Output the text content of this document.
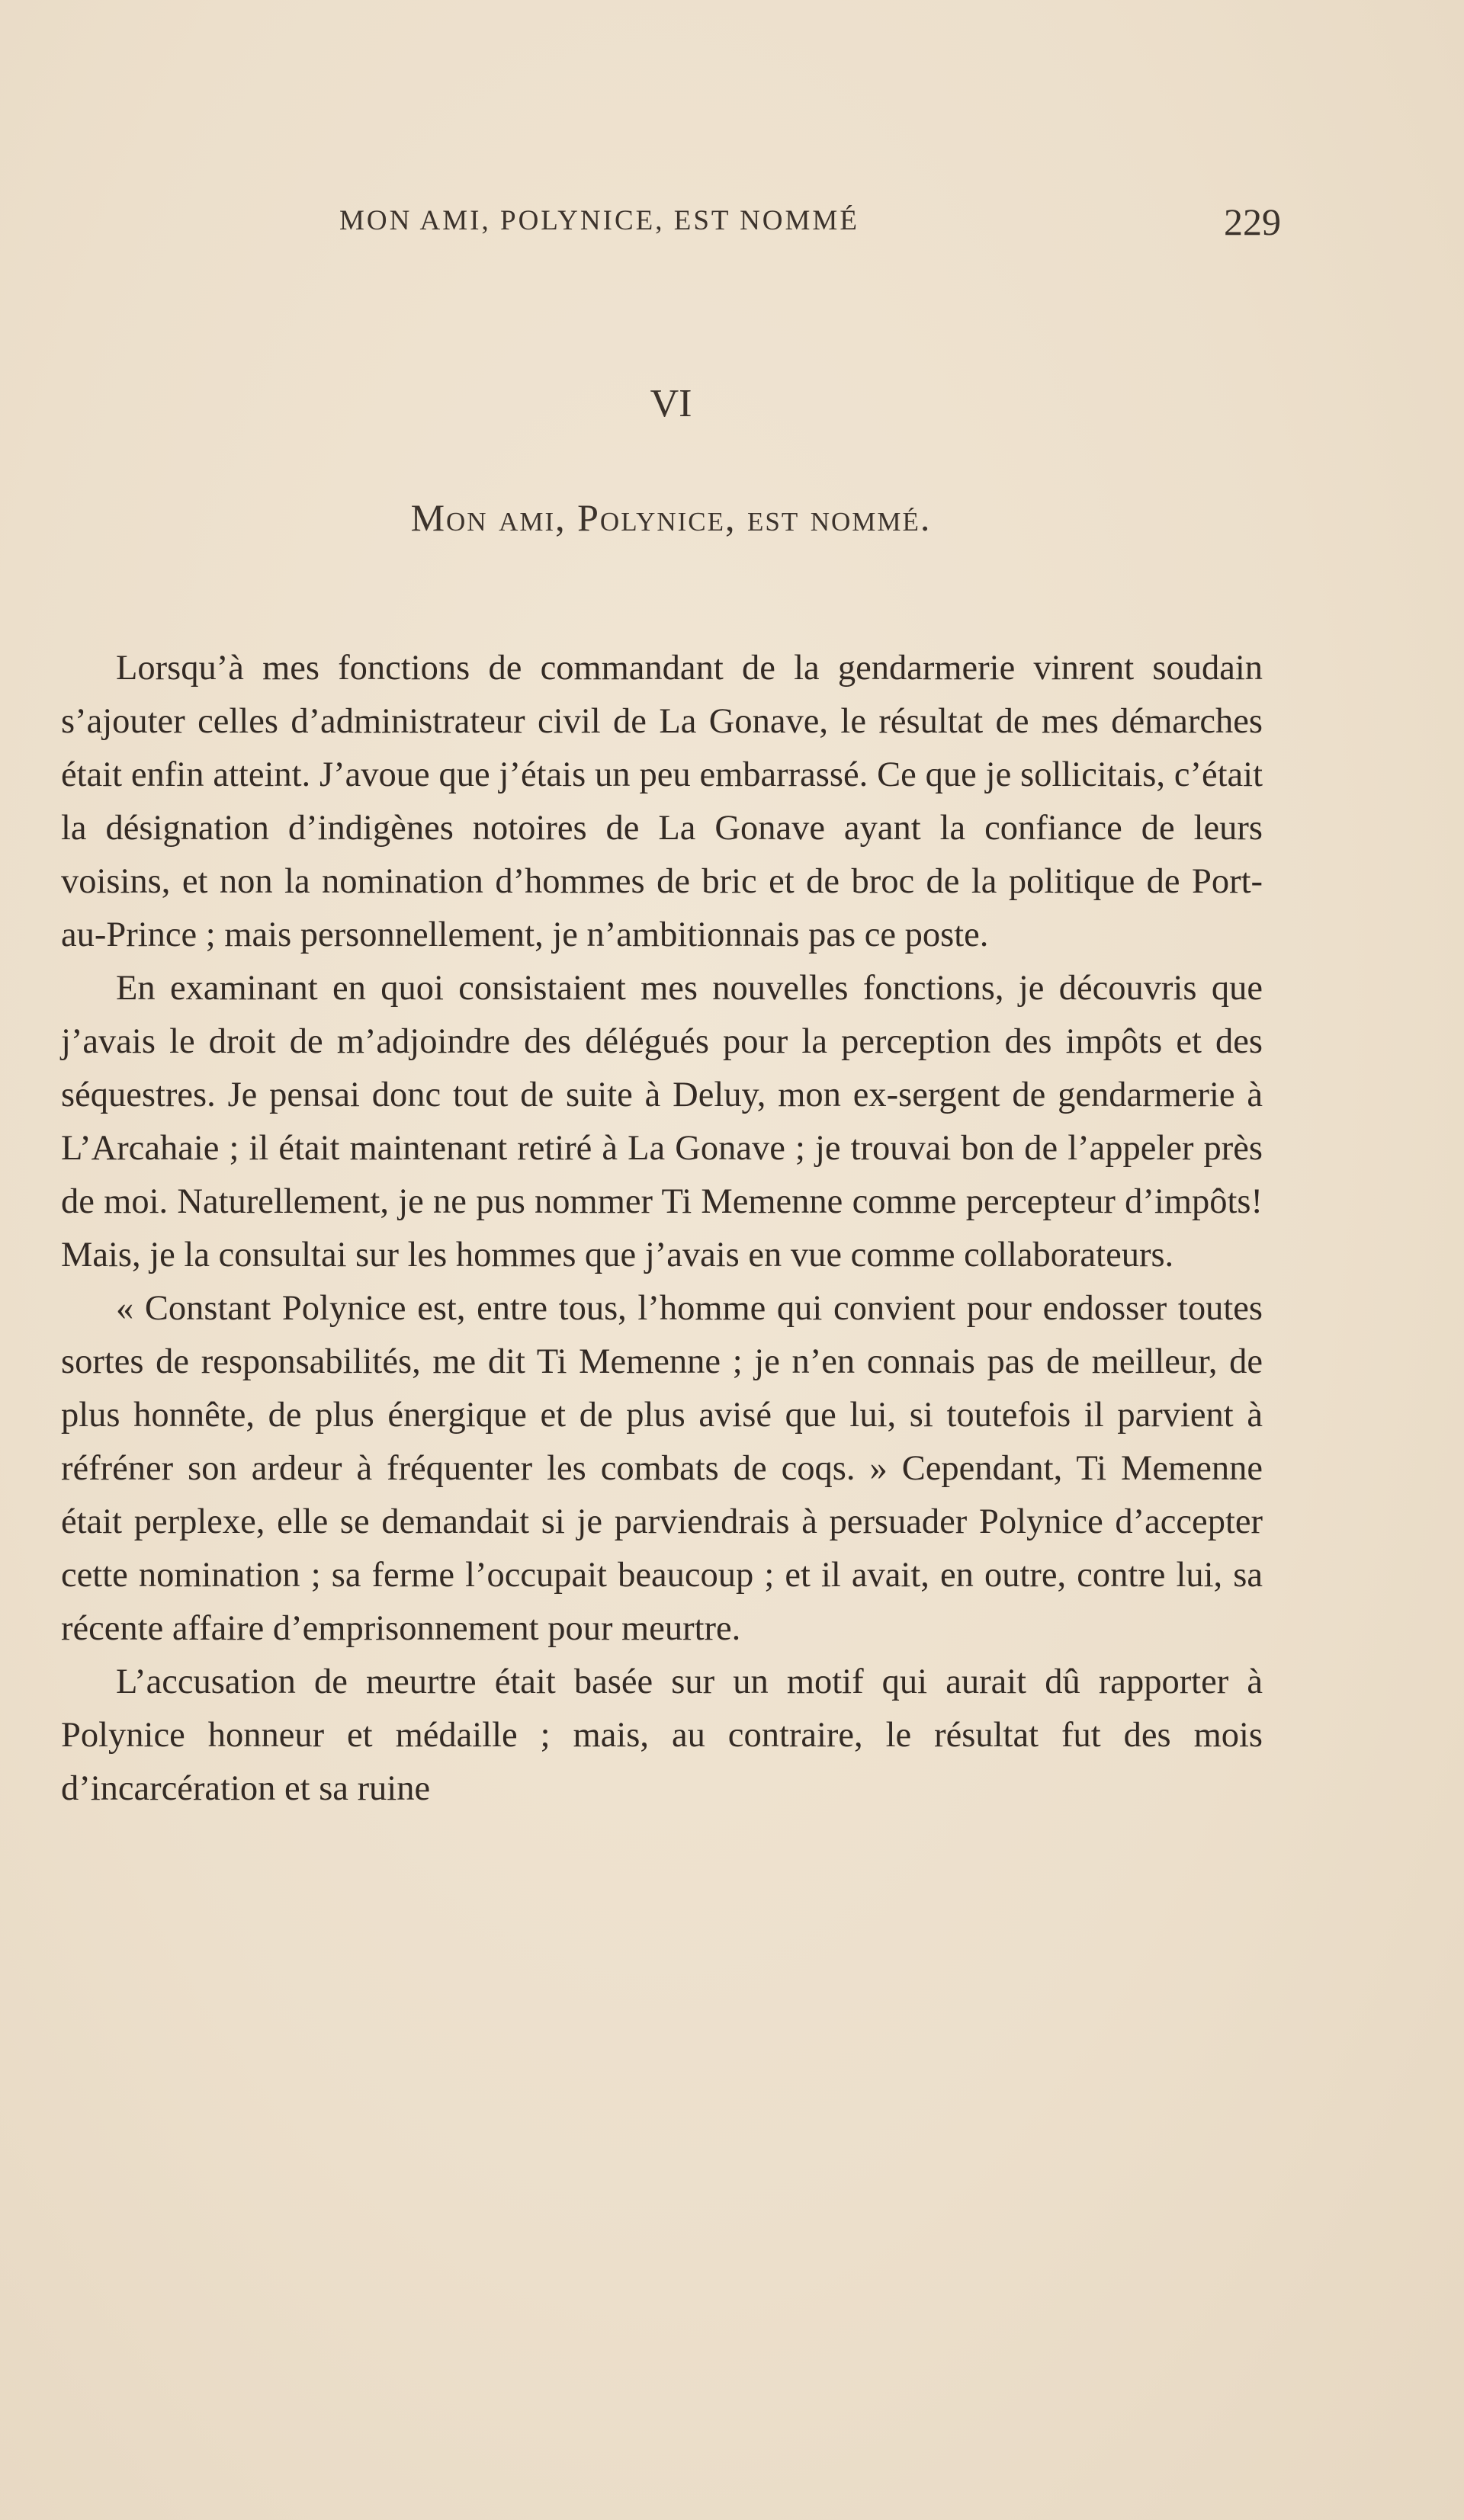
MON AMI, POLYNICE, EST NOMMÉ	229
VI
Mon ami, Polynice, est nommé.

Lorsqu’à mes fonctions de commandant de la gendarmerie vinrent soudain s’ajouter celles d’administrateur civil de La Gonave, le résultat de mes démarches était enfin atteint. J’avoue que j’étais un peu embarrassé. Ce que je sollicitais, c’était la désignation d’indigènes notoires de La Gonave ayant la confiance de leurs voisins, et non la nomination d’hommes de bric et de broc de la politique de Port-au-Prince ; mais personnellement, je n’ambitionnais pas ce poste.

En examinant en quoi consistaient mes nouvelles fonctions, je découvris que j’avais le droit de m’adjoindre des délégués pour la perception des impôts et des séquestres. Je pensai donc tout de suite à Deluy, mon ex-sergent de gendarmerie à L’Arcahaie ; il était maintenant retiré à La Gonave ; je trouvai bon de l’appeler près de moi. Naturellement, je ne pus nommer Ti Memenne comme percepteur d’impôts! Mais, je la consultai sur les hommes que j’avais en vue comme collaborateurs.

« Constant Polynice est, entre tous, l’homme qui convient pour endosser toutes sortes de responsabilités, me dit Ti Memenne ; je n’en connais pas de meilleur, de plus honnête, de plus énergique et de plus avisé que lui, si toutefois il parvient à réfréner son ardeur à fréquenter les combats de coqs. » Cependant, Ti Memenne était perplexe, elle se demandait si je parviendrais à persuader Polynice d’accepter cette nomination ; sa ferme l’occupait beaucoup ; et il avait, en outre, contre lui, sa récente affaire d’emprisonnement pour meurtre.

L’accusation de meurtre était basée sur un motif qui aurait dû rapporter à Polynice honneur et médaille ; mais, au contraire, le résultat fut des mois d’incarcération et sa ruine
